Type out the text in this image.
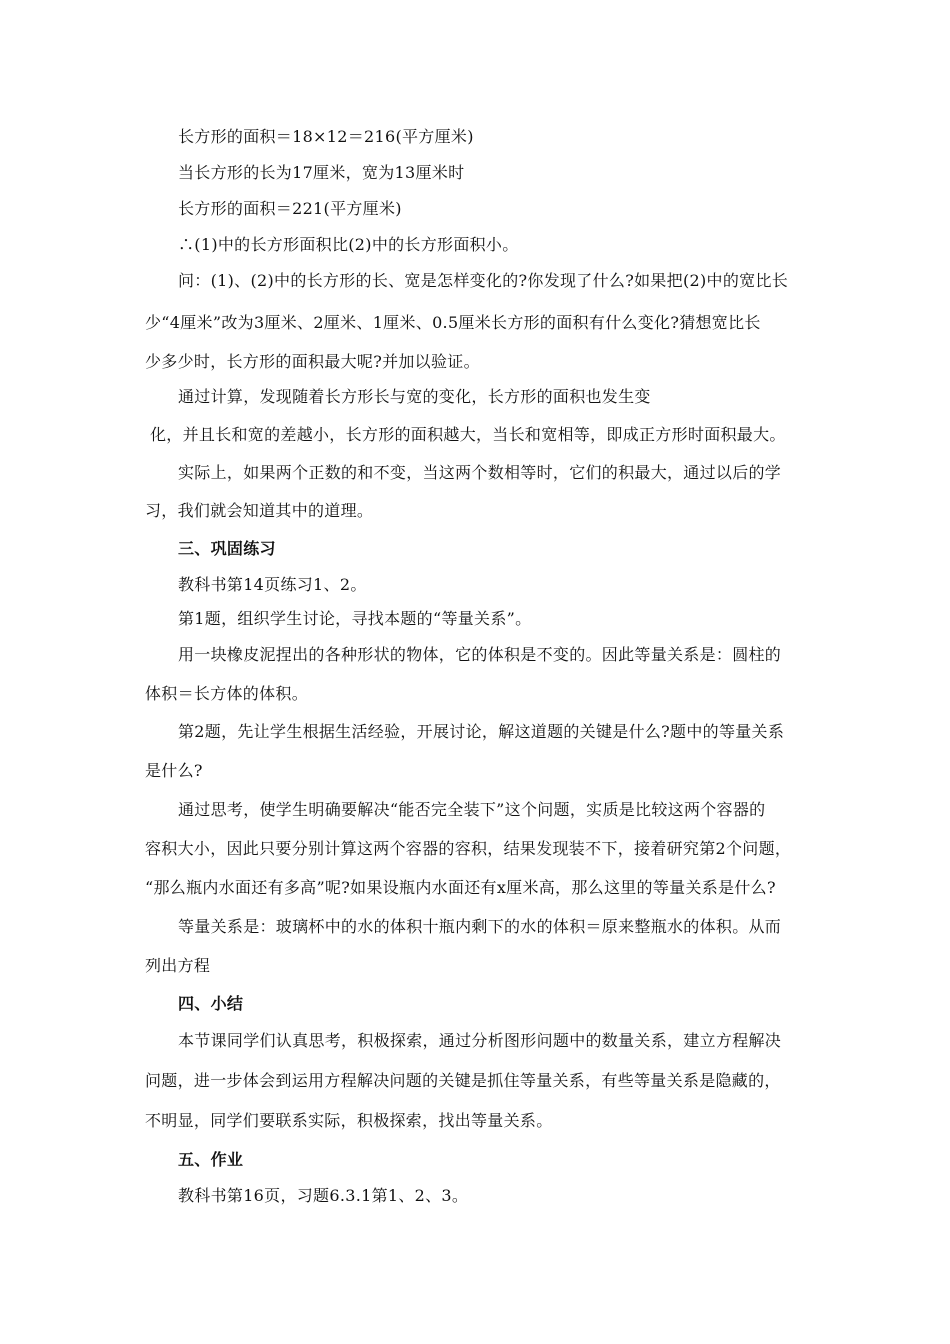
长方形的面积＝18×12＝216(平方厘米)
当长方形的长为17厘米，宽为13厘米时
长方形的面积＝221(平方厘米)
∴(1)中的长方形面积比(2)中的长方形面积小。
问：(1)、(2)中的长方形的长、宽是怎样变化的?你发现了什么?如果把(2)中的宽比长
少“4厘米”改为3厘米、2厘米、1厘米、0.5厘米长方形的面积有什么变化?猜想宽比长
少多少时，长方形的面积最大呢?并加以验证。
通过计算，发现随着长方形长与宽的变化，长方形的面积也发生变
化，并且长和宽的差越小，长方形的面积越大，当长和宽相等，即成正方形时面积最大。
实际上，如果两个正数的和不变，当这两个数相等时，它们的积最大，通过以后的学
习，我们就会知道其中的道理。
三、巩固练习
教科书第14页练习1、2。
第1题，组织学生讨论，寻找本题的“等量关系”。
用一块橡皮泥捏出的各种形状的物体，它的体积是不变的。因此等量关系是：圆柱的
体积＝长方体的体积。
第2题，先让学生根据生活经验，开展讨论，解这道题的关键是什么?题中的等量关系
是什么?
通过思考，使学生明确要解决“能否完全装下”这个问题，实质是比较这两个容器的
容积大小，因此只要分别计算这两个容器的容积，结果发现装不下，接着研究第2个问题，
“那么瓶内水面还有多高”呢?如果设瓶内水面还有x厘米高，那么这里的等量关系是什么?
等量关系是：玻璃杯中的水的体积十瓶内剩下的水的体积＝原来整瓶水的体积。从而
列出方程
四、小结
本节课同学们认真思考，积极探索，通过分析图形问题中的数量关系，建立方程解决
问题，进一步体会到运用方程解决问题的关键是抓住等量关系，有些等量关系是隐藏的，
不明显，同学们要联系实际，积极探索，找出等量关系。
五、作业
教科书第16页，习题6.3.1第1、2、3。
